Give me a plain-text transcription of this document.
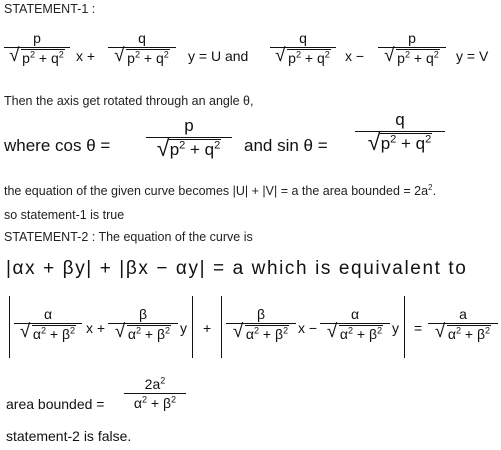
STATEMENT-1 :
p
√ $p^2 + q^2$ x +
q
√ $p^2 + q^2$	y = U and
q
√ $p^2 + q^2$	x −
p
√ $p^2 + q^2$	y = V
Then the axis get rotated through an angle θ,
where cos θ =
p
√ $p^2 + q^2$	and sin θ =
q
√ $p^2 + q^2$
the equation of the given curve becomes |U| + |V| = a the area bounded = $2a^2$.
so statement-1 is true
STATEMENT-2 : The equation of the curve is
|αx + βy| + |βx − αy| = a which is equivalent to
α
√ $\alpha^2 + \beta^2$ x +
β
√ $\alpha^2 + \beta^2$ y +
β
√ $\alpha^2 + \beta^2$ x −
α
√ $\alpha^2 + \beta^2$ y =
a
√ $\alpha^2 + \beta^2$
area bounded =
$2a^2$
$\alpha^2 + \beta^2$
statement-2 is false.
